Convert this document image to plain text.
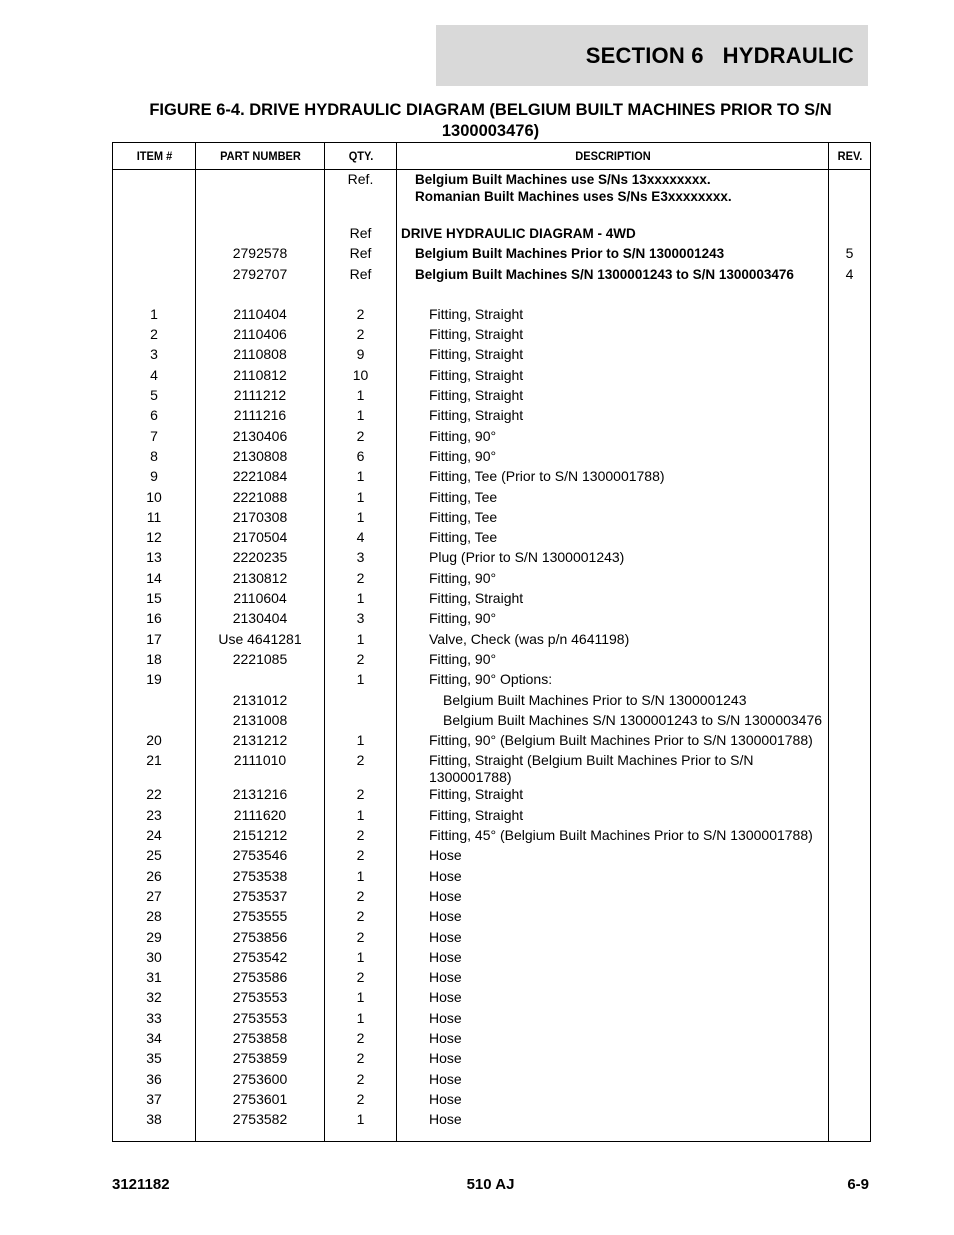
SECTION 6   HYDRAULIC
FIGURE 6-4. DRIVE HYDRAULIC DIAGRAM (BELGIUM BUILT MACHINES PRIOR TO S/N 1300003476)
ITEM #	PART NUMBER	QTY.	DESCRIPTION	REV.
		Ref.	Belgium Built Machines use S/Ns 13xxxxxxxx.
Romanian Built Machines uses S/Ns E3xxxxxxxx.	

		Ref	DRIVE HYDRAULIC DIAGRAM - 4WD	
	2792578	Ref	Belgium Built Machines Prior to S/N 1300001243	5
	2792707	Ref	Belgium Built Machines S/N 1300001243 to S/N 1300003476	4

1	2110404	2	Fitting, Straight	
2	2110406	2	Fitting, Straight	
3	2110808	9	Fitting, Straight	
4	2110812	10	Fitting, Straight	
5	2111212	1	Fitting, Straight	
6	2111216	1	Fitting, Straight	
7	2130406	2	Fitting, 90°	
8	2130808	6	Fitting, 90°	
9	2221084	1	Fitting, Tee (Prior to S/N 1300001788)	
10	2221088	1	Fitting, Tee	
11	2170308	1	Fitting, Tee	
12	2170504	4	Fitting, Tee	
13	2220235	3	Plug (Prior to S/N 1300001243)	
14	2130812	2	Fitting, 90°	
15	2110604	1	Fitting, Straight	
16	2130404	3	Fitting, 90°	
17	Use 4641281	1	Valve, Check (was p/n 4641198)	
18	2221085	2	Fitting, 90°	
19		1	Fitting, 90° Options:	
	2131012		Belgium Built Machines Prior to S/N 1300001243	
	2131008		Belgium Built Machines S/N 1300001243 to S/N 1300003476	
20	2131212	1	Fitting, 90° (Belgium Built Machines Prior to S/N 1300001788)	
21	2111010	2	Fitting, Straight (Belgium Built Machines Prior to S/N 1300001788)	
22	2131216	2	Fitting, Straight	
23	2111620	1	Fitting, Straight	
24	2151212	2	Fitting, 45° (Belgium Built Machines Prior to S/N 1300001788)	
25	2753546	2	Hose	
26	2753538	1	Hose	
27	2753537	2	Hose	
28	2753555	2	Hose	
29	2753856	2	Hose	
30	2753542	1	Hose	
31	2753586	2	Hose	
32	2753553	1	Hose	
33	2753553	1	Hose	
34	2753858	2	Hose	
35	2753859	2	Hose	
36	2753600	2	Hose	
37	2753601	2	Hose	
38	2753582	1	Hose	

3121182	510 AJ	6-9
